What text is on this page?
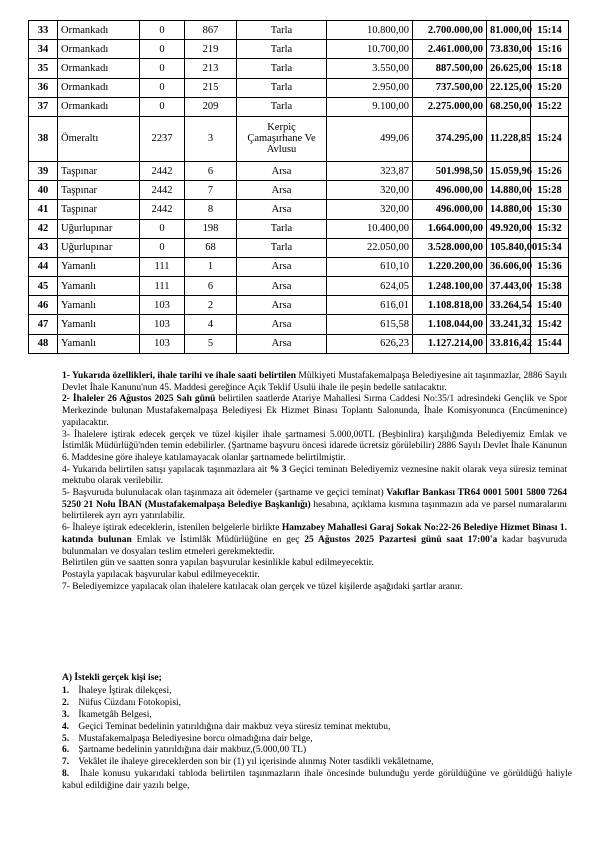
33	Ormankadı	0	867	Tarla	10.800,00	2.700.000,00	81.000,00	15:14
34	Ormankadı	0	219	Tarla	10.700,00	2.461.000,00	73.830,00	15:16
35	Ormankadı	0	213	Tarla	3.550,00	887.500,00	26.625,00	15:18
36	Ormankadı	0	215	Tarla	2.950,00	737.500,00	22.125,00	15:20
37	Ormankadı	0	209	Tarla	9.100,00	2.275.000,00	68.250,00	15:22
38	Ömeraltı	2237	3	Kerpiç Çamaşırhane Ve Avlusu	499,06	374.295,00	11.228,85	15:24
39	Taşpınar	2442	6	Arsa	323,87	501.998,50	15.059,96	15:26
40	Taşpınar	2442	7	Arsa	320,00	496.000,00	14.880,00	15:28
41	Taşpınar	2442	8	Arsa	320,00	496.000,00	14.880,00	15:30
42	Uğurlupınar	0	198	Tarla	10.400,00	1.664.000,00	49.920,00	15:32
43	Uğurlupınar	0	68	Tarla	22.050,00	3.528.000,00	105.840,00	15:34
44	Yamanlı	111	1	Arsa	610,10	1.220.200,00	36.606,00	15:36
45	Yamanlı	111	6	Arsa	624,05	1.248.100,00	37.443,00	15:38
46	Yamanlı	103	2	Arsa	616,01	1.108.818,00	33.264,54	15:40
47	Yamanlı	103	4	Arsa	615,58	1.108.044,00	33.241,32	15:42
48	Yamanlı	103	5	Arsa	626,23	1.127.214,00	33.816,42	15:44

1- Yukarıda özellikleri, ihale tarihi ve ihale saati belirtilen Mülkiyeti Mustafakemalpaşa Belediyesine ait taşınmazlar, 2886 Sayılı Devlet İhale Kanunu'nun 45. Maddesi gereğince Açık Teklif Usulü ihale ile peşin bedelle satılacaktır.

2- İhaleler 26 Ağustos 2025 Salı günü belirtilen saatlerde Atariye Mahallesi Sırma Caddesi No:35/1 adresindeki Gençlik ve Spor Merkezinde bulunan Mustafakemalpaşa Belediyesi Ek Hizmet Binası Toplantı Salonunda, İhale Komisyonunca (Encümenince) yapılacaktır.

3- İhalelere iştirak edecek gerçek ve tüzel kişiler ihale şartnamesi 5.000,00TL (Beşbinlira) karşılığında Belediyemiz Emlak ve İstimlâk Müdürlüğü'nden temin edebilirler. (Şartname başvuru öncesi idarede ücretsiz görülebilir) 2886 Sayılı Devlet İhale Kanunun 6. Maddesine göre ihaleye katılamayacak olanlar şartnamede belirtilmiştir.

4- Yukarıda belirtilen satışı yapılacak taşınmazlara ait % 3 Geçici teminatı Belediyemiz veznesine nakit olarak veya süresiz teminat mektubu olarak verilebilir.

5- Başvuruda bulunulacak olan taşınmaza ait ödemeler (şartname ve geçici teminat) Vakıflar Bankası TR64 0001 5001 5800 7264 5250 21 Nolu İBAN (Mustafakemalpaşa Belediye Başkanlığı) hesabına, açıklama kısmına taşınmazın ada ve parsel numaralarını belirtilerek ayrı ayrı yatırılabilir.

6- İhaleye iştirak edeceklerin, istenilen belgelerle birlikte Hamzabey Mahallesi Garaj Sokak No:22-26 Belediye Hizmet Binası 1. katında bulunan Emlak ve İstimlâk Müdürlüğüne en geç 25 Ağustos 2025 Pazartesi günü saat 17:00'a kadar başvuruda bulunmaları ve dosyaları teslim etmeleri gerekmektedir.

Belirtilen gün ve saatten sonra yapılan başvurular kesinlikle kabul edilmeyecektir.

Postayla yapılacak başvurular kabul edilmeyecektir.

7- Belediyemizce yapılacak olan ihalelere katılacak olan gerçek ve tüzel kişilerde aşağıdaki şartlar aranır.

A) İstekli gerçek kişi ise;

1. İhaleye İştirak dilekçesi,

2. Nüfus Cüzdanı Fotokopisi,

3. İkametgâh Belgesi,

4. Geçici Teminat bedelinin yatırıldığına dair makbuz veya süresiz teminat mektubu,

5. Mustafakemalpaşa Belediyesine borcu olmadığına dair belge,

6. Şartname bedelinin yatırıldığına dair makbuz,(5.000,00 TL)

7. Vekâlet ile ihaleye gireceklerden son bir (1) yıl içerisinde alınmış Noter tasdikli vekâletname,

8. İhale konusu yukarıdaki tabloda belirtilen taşınmazların ihale öncesinde bulunduğu yerde görüldüğüne ve görüldüğü haliyle kabul edildiğine dair yazılı belge,
